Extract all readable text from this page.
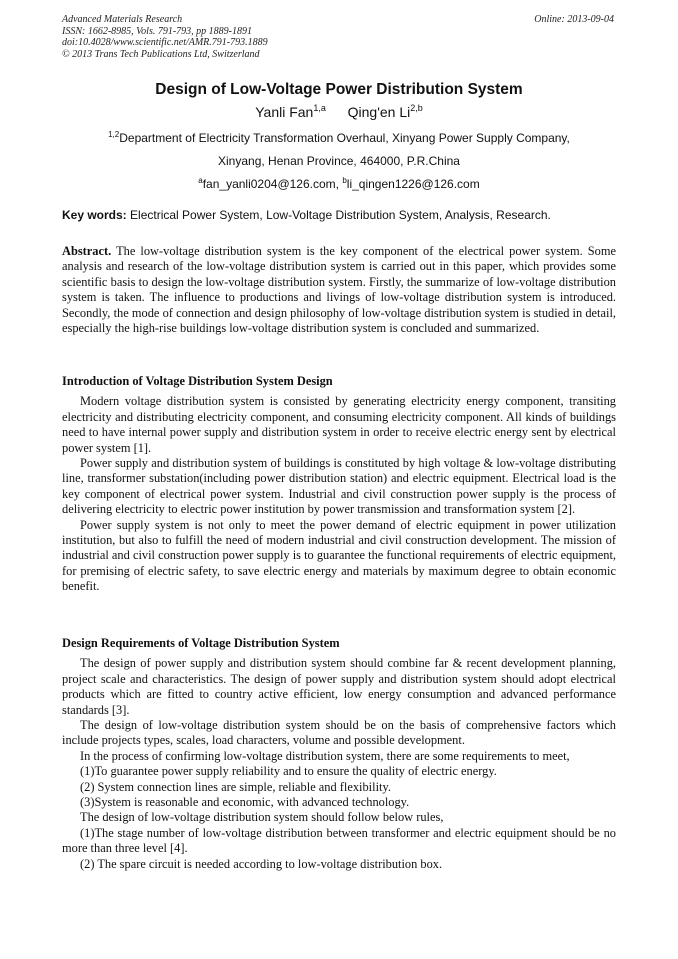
Advanced Materials Research
ISSN: 1662-8985, Vols. 791-793, pp 1889-1891
doi:10.4028/www.scientific.net/AMR.791-793.1889
© 2013 Trans Tech Publications Ltd, Switzerland
Online: 2013-09-04
Design of Low-Voltage Power Distribution System
Yanli Fan$^{1,a}$ Qing'en Li$^{2,b}$
$^{1,2}$Department of Electricity Transformation Overhaul, Xinyang Power Supply Company,
Xinyang, Henan Province, 464000, P.R.China
$^a$fan_yanli0204@126.com, $^b$li_qingen1226@126.com
Key words: Electrical Power System, Low-Voltage Distribution System, Analysis, Research.
Abstract. The low-voltage distribution system is the key component of the electrical power system. Some analysis and research of the low-voltage distribution system is carried out in this paper, which provides some scientific basis to design the low-voltage distribution system. Firstly, the summarize of low-voltage distribution system is taken. The influence to productions and livings of low-voltage distribution system is introduced. Secondly, the mode of connection and design philosophy of low-voltage distribution system is studied in detail, especially the high-rise buildings low-voltage distribution system is concluded and summarized.
Introduction of Voltage Distribution System Design

Modern voltage distribution system is consisted by generating electricity energy component, transiting electricity and distributing electricity component, and consuming electricity component. All kinds of buildings need to have internal power supply and distribution system in order to receive electric energy sent by electrical power system [1].

Power supply and distribution system of buildings is constituted by high voltage & low-voltage distributing line, transformer substation(including power distribution station) and electric equipment. Electrical load is the key component of electrical power system. Industrial and civil construction power supply is the process of delivering electricity to electric power institution by power transmission and transformation system [2].

Power supply system is not only to meet the power demand of electric equipment in power utilization institution, but also to fulfill the need of modern industrial and civil construction development. The mission of industrial and civil construction power supply is to guarantee the functional requirements of electric equipment, for premising of electric safety, to save electric energy and materials by maximum degree to obtain economic benefit.

Design Requirements of Voltage Distribution System

The design of power supply and distribution system should combine far & recent development planning, project scale and characteristics. The design of power supply and distribution system should adopt electrical products which are fitted to country active efficient, low energy consumption and advanced performance standards [3].

The design of low-voltage distribution system should be on the basis of comprehensive factors which include projects types, scales, load characters, volume and possible development.

In the process of confirming low-voltage distribution system, there are some requirements to meet,

(1)To guarantee power supply reliability and to ensure the quality of electric energy.

(2) System connection lines are simple, reliable and flexibility.

(3)System is reasonable and economic, with advanced technology.

The design of low-voltage distribution system should follow below rules,

(1)The stage number of low-voltage distribution between transformer and electric equipment should be no more than three level [4].

(2) The spare circuit is needed according to low-voltage distribution box.
